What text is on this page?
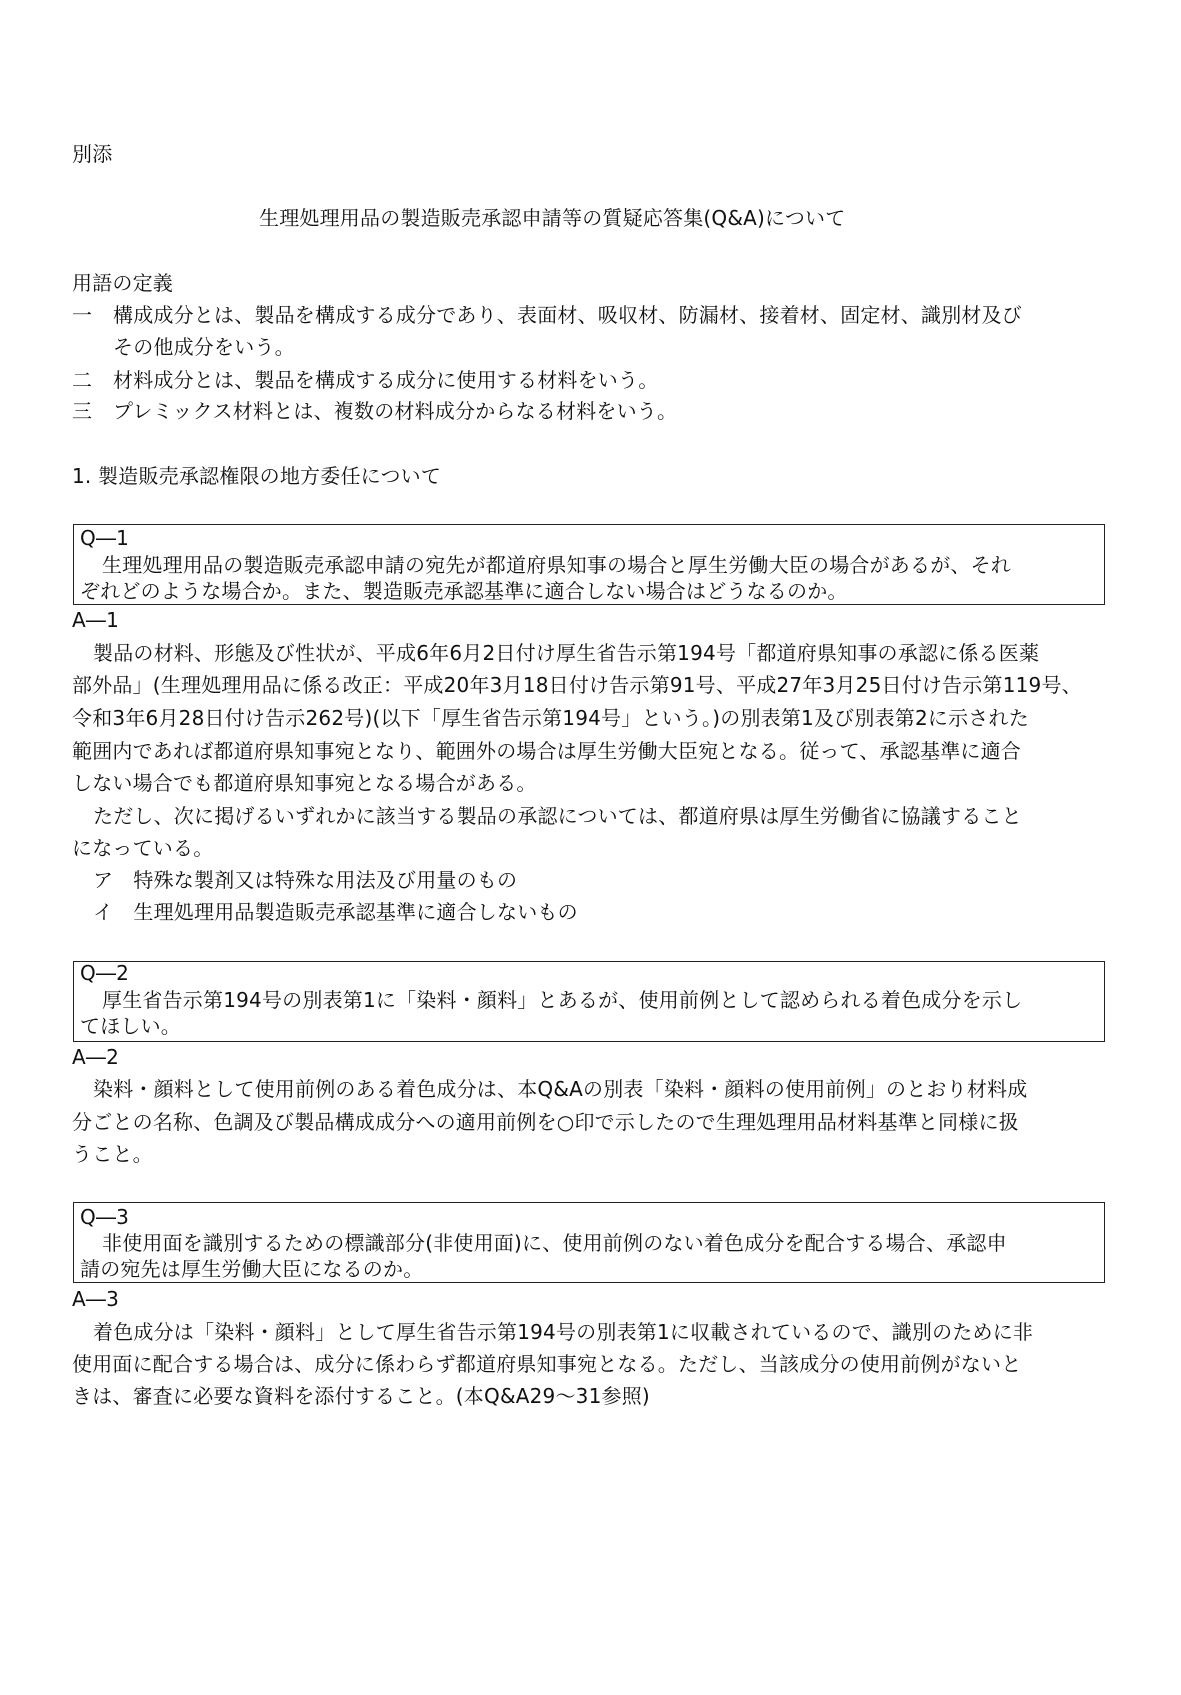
別添
生理処理用品の製造販売承認申請等の質疑応答集(Q&A)について
用語の定義
一 構成成分とは、製品を構成する成分であり、表面材、吸収材、防漏材、接着材、固定材、識別材及び
その他成分をいう。
二 材料成分とは、製品を構成する成分に使用する材料をいう。
三 プレミックス材料とは、複数の材料成分からなる材料をいう。
1. 製造販売承認権限の地方委任について
Q―1
生理処理用品の製造販売承認申請の宛先が都道府県知事の場合と厚生労働大臣の場合があるが、それ
ぞれどのような場合か。また、製造販売承認基準に適合しない場合はどうなるのか。
A―1
製品の材料、形態及び性状が、平成6年6月2日付け厚生省告示第194号「都道府県知事の承認に係る医薬
部外品」(生理処理用品に係る改正：平成20年3月18日付け告示第91号、平成27年3月25日付け告示第119号、
令和3年6月28日付け告示262号)(以下「厚生省告示第194号」という。)の別表第1及び別表第2に示された
範囲内であれば都道府県知事宛となり、範囲外の場合は厚生労働大臣宛となる。従って、承認基準に適合
しない場合でも都道府県知事宛となる場合がある。
ただし、次に掲げるいずれかに該当する製品の承認については、都道府県は厚生労働省に協議すること
になっている。
ア　特殊な製剤又は特殊な用法及び用量のもの
イ　生理処理用品製造販売承認基準に適合しないもの
Q―2
厚生省告示第194号の別表第1に「染料・顔料」とあるが、使用前例として認められる着色成分を示し
てほしい。
A―2
染料・顔料として使用前例のある着色成分は、本Q&Aの別表「染料・顔料の使用前例」のとおり材料成
分ごとの名称、色調及び製品構成成分への適用前例を○印で示したので生理処理用品材料基準と同様に扱
うこと。
Q―3
非使用面を識別するための標識部分(非使用面)に、使用前例のない着色成分を配合する場合、承認申
請の宛先は厚生労働大臣になるのか。
A―3
着色成分は「染料・顔料」として厚生省告示第194号の別表第1に収載されているので、識別のために非
使用面に配合する場合は、成分に係わらず都道府県知事宛となる。ただし、当該成分の使用前例がないと
きは、審査に必要な資料を添付すること。(本Q&A29～31参照)
